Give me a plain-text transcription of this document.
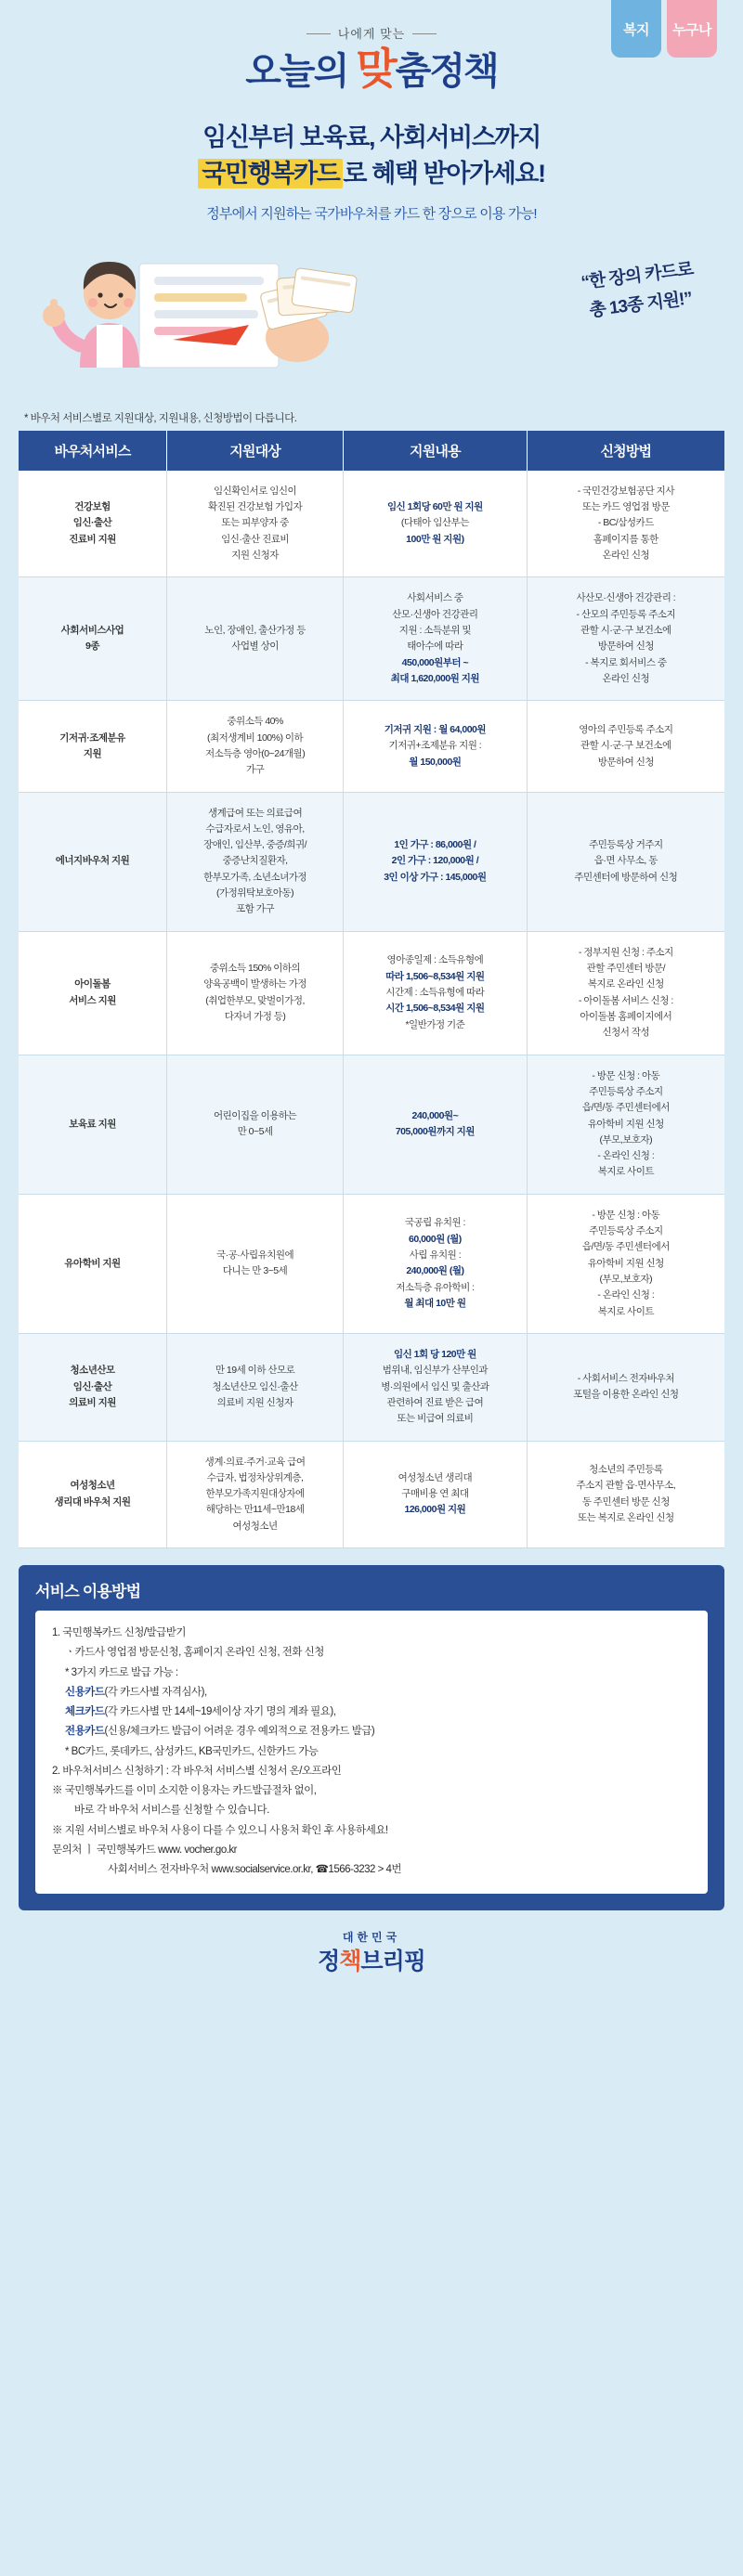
복지 누구나
나에게 맞는
오늘의 맞춤정책
임신부터 보육료, 사회서비스까지
국민행복카드 로 혜택 받아가세요!
정부에서 지원하는 국가바우처를 카드 한 장으로 이용 가능!
“한 장의 카드로
총 13종 지원!”
* 바우처 서비스별로 지원대상, 지원내용, 신청방법이 다릅니다.
바우처서비스	지원대상	지원내용	신청방법
건강보험
임신·출산
진료비 지원	임신확인서로 임신이
확진된 건강보험 가입자
또는 피부양자 중
임신·출산 진료비
지원 신청자	임신 1회당 60만 원 지원
(다태아 임산부는
100만 원 지원)	- 국민건강보험공단 지사
또는 카드 영업점 방문
- BC/삼성카드
홈페이지를 통한
온라인 신청
사회서비스사업
9종	노인, 장애인, 출산가정 등
사업별 상이	사회서비스 중
산모·신생아 건강관리
지원 : 소득분위 및
태아수에 따라
450,000원부터 ~
최대 1,620,000원 지원	사산모·신생아 건강관리 :
- 산모의 주민등록 주소지
관할 시·군·구 보건소에
방문하여 신청
- 복지로 회서비스 중
온라인 신청
기저귀·조제분유
지원	중위소득 40%
(최저생계비 100%) 이하
저소득층 영아(0~24개월)
가구	기저귀 지원 : 월 64,000원
기저귀+조제분유 지원 :
월 150,000원	영아의 주민등록 주소지
관할 시·군·구 보건소에
방문하여 신청
에너지바우처 지원	생계급여 또는 의료급여
수급자로서 노인, 영유아,
장애인, 임산부, 중증/희귀/
중증난치질환자,
한부모가족, 소년소녀가정
(가정위탁보호아동)
포함 가구	1인 가구 : 86,000원 /
2인 가구 : 120,000원 /
3인 이상 가구 : 145,000원	주민등록상 거주지
읍·면 사무소, 동
주민센터에 방문하여 신청
아이돌봄
서비스 지원	중위소득 150% 이하의
양육공백이 발생하는 가정
(취업한부모, 맞벌이가정,
다자녀 가정 등)	영아종일제 : 소득유형에
따라 1,506~8,534원 지원
시간제 : 소득유형에 따라
시간 1,506~8,534원 지원
*일반가정 기준	- 정부지원 신청 : 주소지
관할 주민센터 방문/
복지로 온라인 신청
- 아이돌봄 서비스 신청 :
아이돌봄 홈페이지에서
신청서 작성
보육료 지원	어린이집을 이용하는
만 0~5세	240,000원~
705,000원까지 지원	- 방문 신청 : 아동
주민등록상 주소지
읍/면/동 주민센터에서
유아학비 지원 신청
(부모,보호자)
- 온라인 신청 :
복지로 사이트
유아학비 지원	국·공·사립유치원에
다니는 만 3~5세	국공립 유치원 :
60,000원 (월)
사립 유치원 :
240,000원 (월)
저소득층 유아학비 :
월 최대 10만 원	- 방문 신청 : 아동
주민등록상 주소지
읍/면/동 주민센터에서
유아학비 지원 신청
(부모,보호자)
- 온라인 신청 :
복지로 사이트
청소년산모
임신·출산
의료비 지원	만 19세 이하 산모로
청소년산모 임신·출산
의료비 지원 신청자	임신 1회 당 120만 원
범위내, 임신부가 산부인과
병·의원에서 임신 및 출산과
관련하여 진료 받은 급여
또는 비급여 의료비	- 사회서비스 전자바우처
포털을 이용한 온라인 신청
여성청소년
생리대 바우처 지원	생계·의료·주거·교육 급여
수급자, 법정차상위계층,
한부모가족지원대상자에
해당하는 만11세~만18세
여성청소년	여성청소년 생리대
구매비용 연 최대
126,000원 지원	청소년의 주민등록
주소지 관할 읍·면사무소,
동 주민센터 방문 신청
또는 복지로 온라인 신청
서비스 이용방법
1. 국민행복카드 신청/발급받기
ㆍ카드사 영업점 방문신청, 홈페이지 온라인 신청, 전화 신청
* 3가지 카드로 발급 가능 :
신용카드(각 카드사별 자격심사),
체크카드(각 카드사별 만 14세~19세이상 자기 명의 계좌 필요),
전용카드(신용/체크카드 발급이 어려운 경우 예외적으로 전용카드 발급)
* BC카드, 롯데카드, 삼성카드, KB국민카드, 신한카드 가능
2. 바우처서비스 신청하기 : 각 바우처 서비스별 신청서 온/오프라인
※ 국민행복카드를 이미 소지한 이용자는 카드발급절차 없이,
바로 각 바우처 서비스를 신청할 수 있습니다.
※ 지원 서비스별로 바우처 사용이 다를 수 있으니 사용처 확인 후 사용하세요!
문의처 ㅣ 국민행복카드 www. vocher.go.kr
사회서비스 전자바우처 www.socialservice.or.kr, ☎1566-3232 > 4번
대한민국
정책브리핑
